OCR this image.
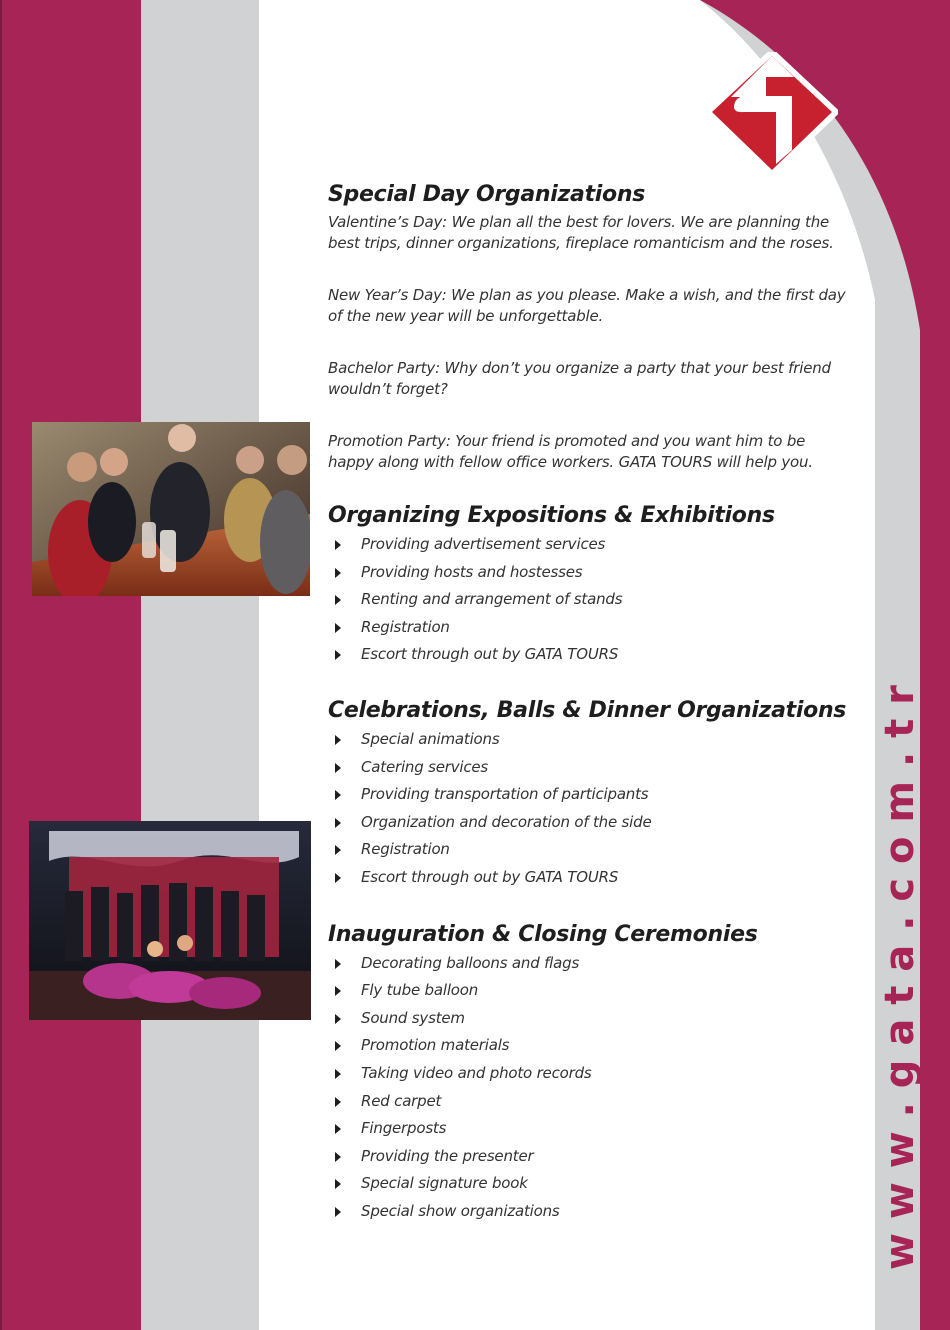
w w w . g a t a . c o m . t r
Special Day Organizations

Valentine’s Day: We plan all the best for lovers. We are planning the best trips, dinner organizations, fireplace romanticism and the roses.

New Year’s Day: We plan as you please. Make a wish, and the first day of the new year will be unforgettable.

Bachelor Party: Why don’t you organize a party that your best friend wouldn’t forget?

Promotion Party: Your friend is promoted and you want him to be happy along with fellow office workers. GATA TOURS will help you.

Organizing Expositions & Exhibitions
Providing advertisement services
Providing hosts and hostesses
Renting and arrangement of stands
Registration
Escort through out by GATA TOURS
Celebrations, Balls & Dinner Organizations
Special animations
Catering services
Providing transportation of participants
Organization and decoration of the side
Registration
Escort through out by GATA TOURS
Inauguration & Closing Ceremonies
Decorating balloons and flags
Fly tube balloon
Sound system
Promotion materials
Taking video and photo records
Red carpet
Fingerposts
Providing the presenter
Special signature book
Special show organizations
